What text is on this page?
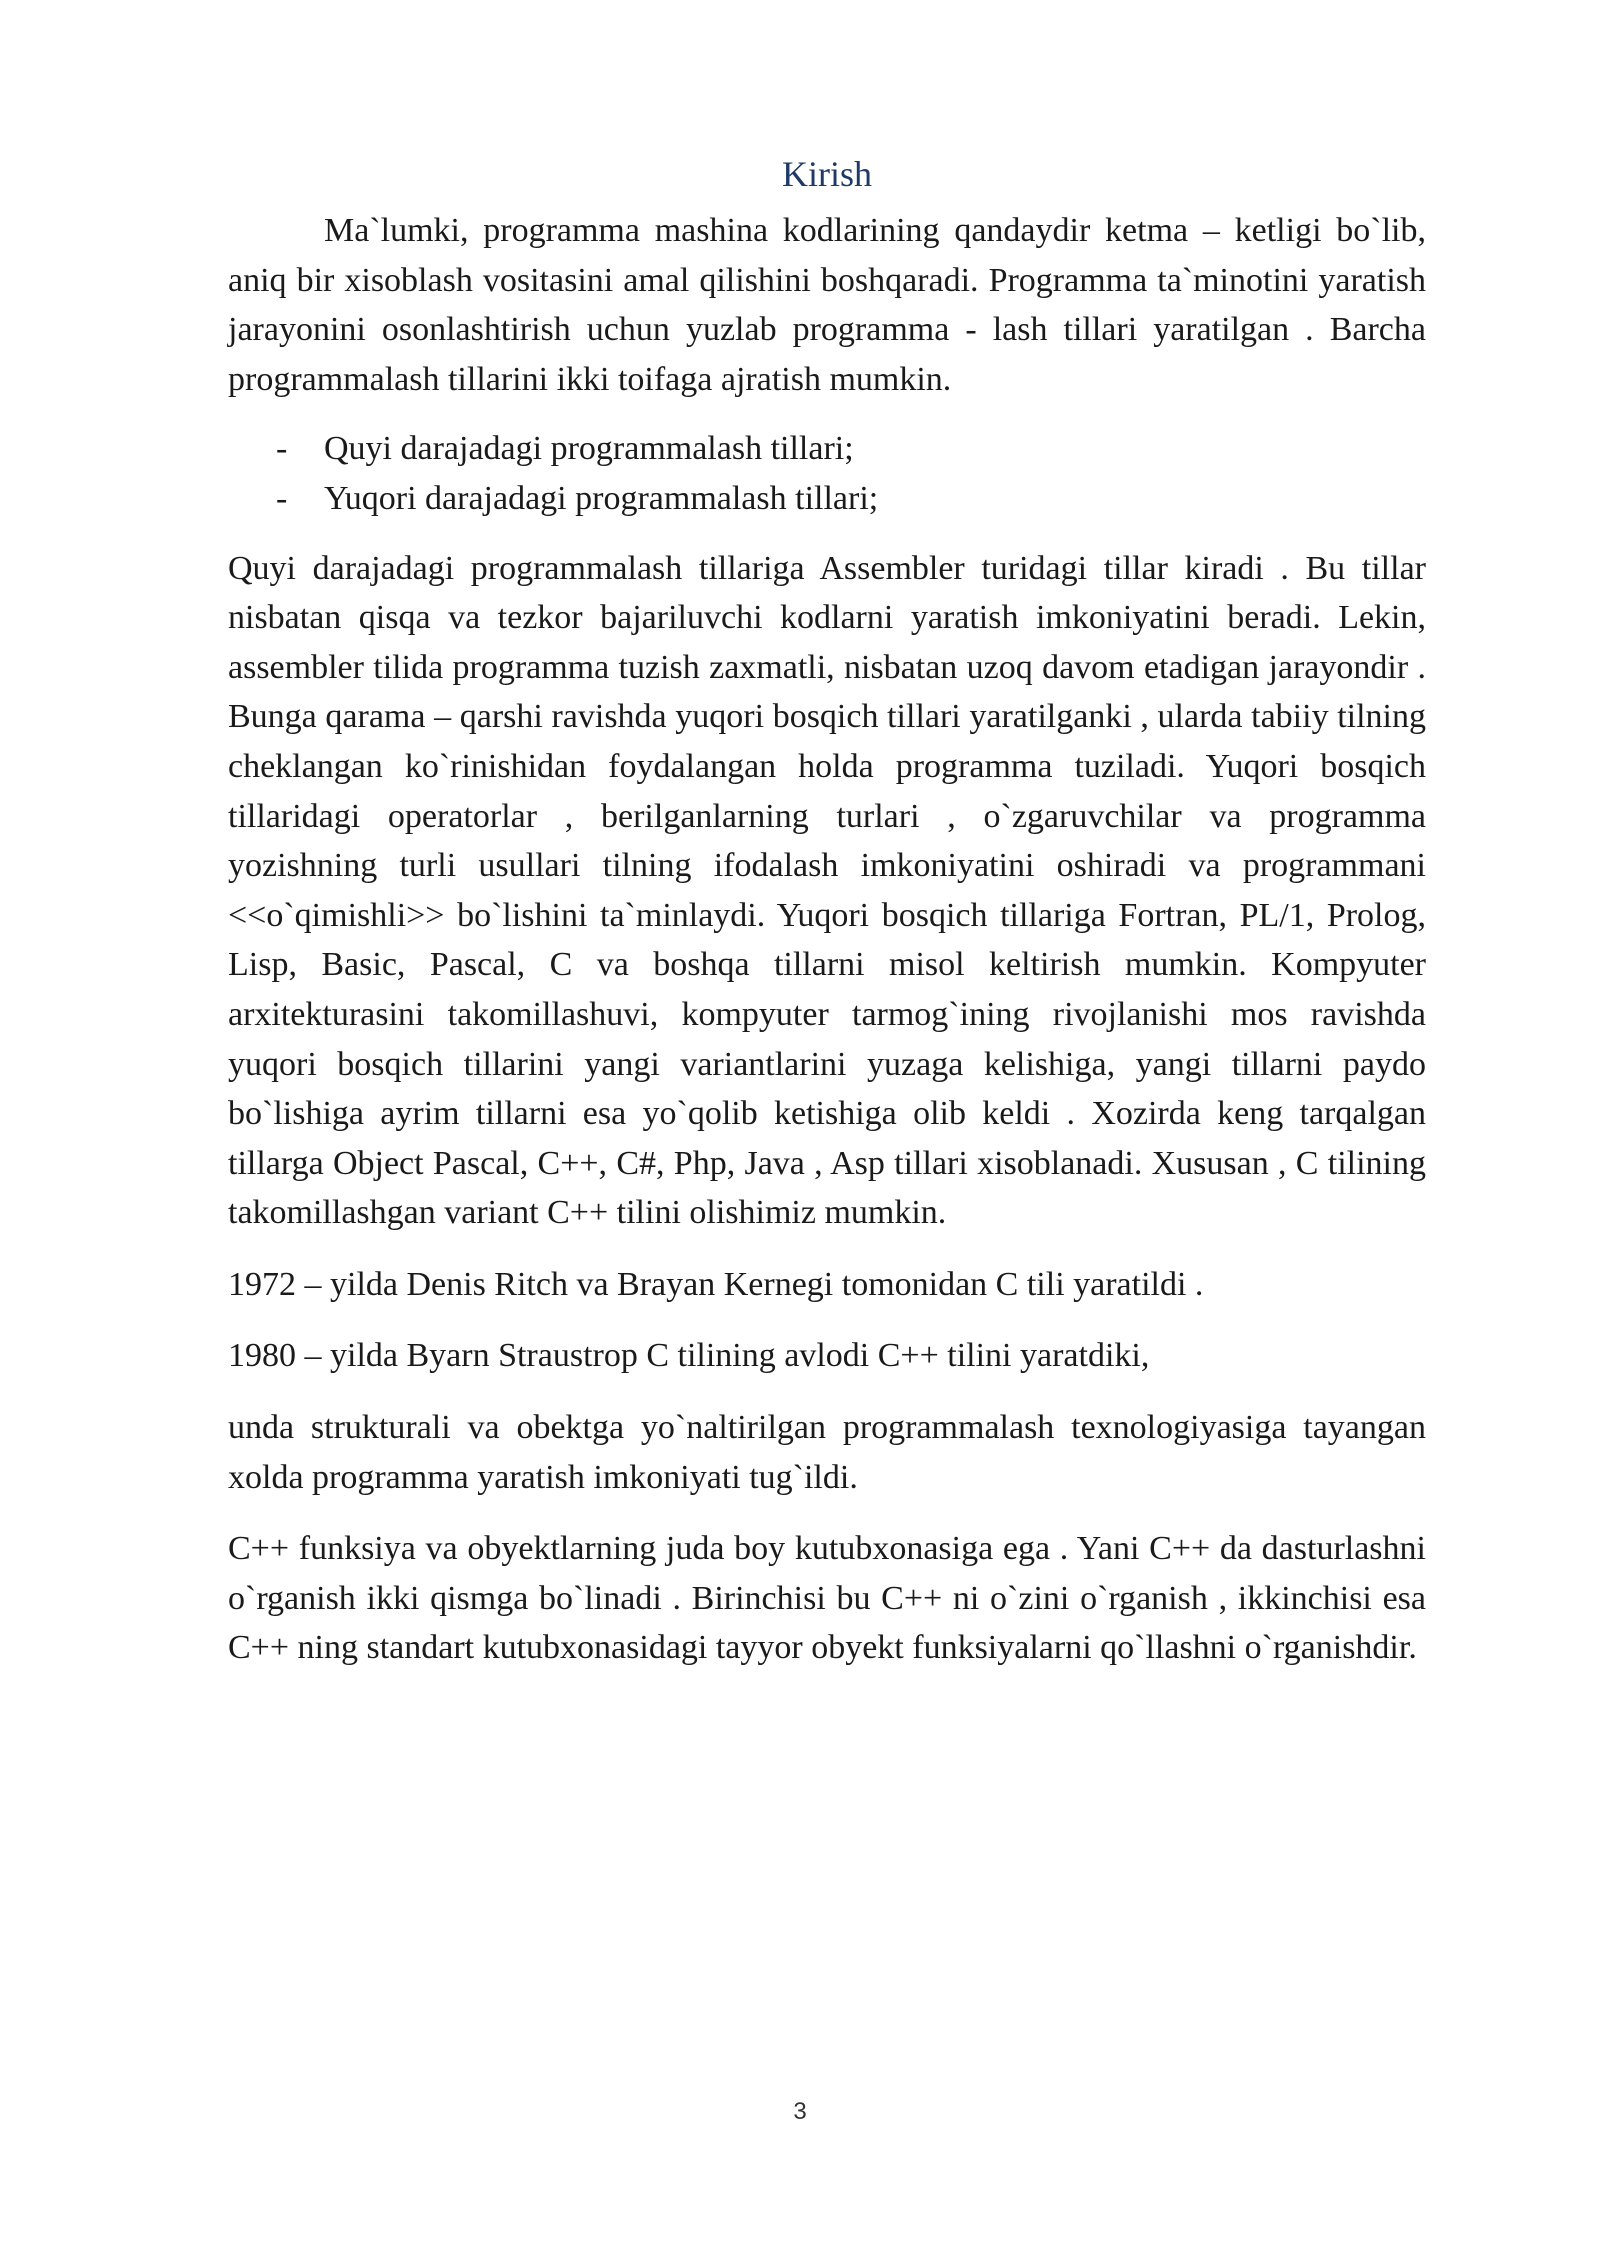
Kirish

Ma`lumki, programma mashina kodlarining qandaydir ketma – ketligi bo`lib, aniq bir xisoblash vositasini amal qilishini boshqaradi. Programma ta`minotini yaratish jarayonini osonlashtirish uchun yuzlab programma - lash tillari yaratilgan . Barcha programmalash tillarini ikki toifaga ajratish mumkin.

- Quyi darajadagi programmalash tillari;
- Yuqori darajadagi programmalash tillari;

Quyi darajadagi programmalash tillariga Assembler turidagi tillar kiradi . Bu tillar nisbatan qisqa va tezkor bajariluvchi kodlarni yaratish imkoniyatini beradi. Lekin, assembler tilida programma tuzish zaxmatli, nisbatan uzoq davom etadigan jarayondir . Bunga qarama – qarshi ravishda yuqori bosqich tillari yaratilganki , ularda tabiiy tilning cheklangan ko`rinishidan foydalangan holda programma tuziladi. Yuqori bosqich tillaridagi operatorlar , berilganlarning turlari , o`zgaruvchilar va programma yozishning turli usullari tilning ifodalash imkoniyatini oshiradi va programmani <<o`qimishli>> bo`lishini ta`minlaydi. Yuqori bosqich tillariga Fortran, PL/1, Prolog, Lisp, Basic, Pascal, C va boshqa tillarni misol keltirish mumkin. Kompyuter arxitekturasini takomillashuvi, kompyuter tarmog`ining rivojlanishi mos ravishda yuqori bosqich tillarini yangi variantlarini yuzaga kelishiga, yangi tillarni paydo bo`lishiga ayrim tillarni esa yo`qolib ketishiga olib keldi . Xozirda keng tarqalgan tillarga Object Pascal, C++, C#, Php, Java , Asp tillari xisoblanadi. Xususan , C tilining takomillashgan variant C++ tilini olishimiz mumkin.

1972 – yilda Denis Ritch va Brayan Kernegi tomonidan C tili yaratildi .

1980 – yilda Byarn Straustrop C tilining avlodi C++ tilini yaratdiki,

unda strukturali va obektga yo`naltirilgan programmalash texnologiyasiga tayangan xolda programma yaratish imkoniyati tug`ildi.

C++ funksiya va obyektlarning juda boy kutubxonasiga ega . Yani C++ da dasturlashni o`rganish ikki qismga bo`linadi . Birinchisi bu C++ ni o`zini o`rganish , ikkinchisi esa C++ ning standart kutubxonasidagi tayyor obyekt funksiyalarni qo`llashni o`rganishdir.

3
